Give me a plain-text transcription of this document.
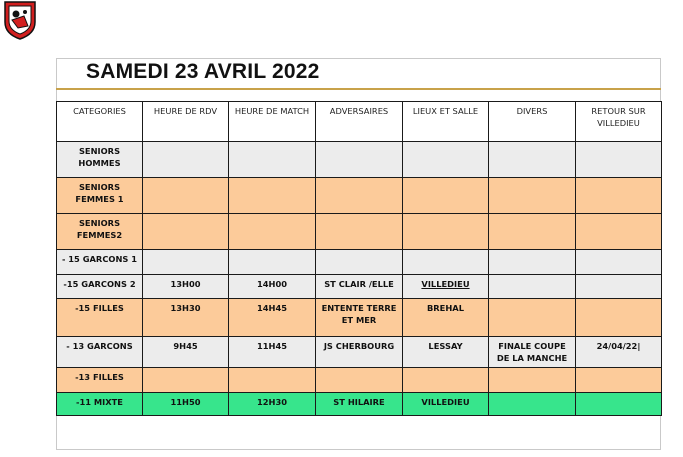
SAMEDI 23 AVRIL 2022
CATEGORIES	HEURE DE RDV	HEURE DE MATCH	ADVERSAIRES	LIEUX ET SALLE	DIVERS	RETOUR SUR VILLEDIEU
SENIORS HOMMES						
SENIORS FEMMES 1						
SENIORS FEMMES2						
- 15 GARCONS 1						
-15 GARCONS 2	13H00	14H00	ST CLAIR /ELLE	VILLEDIEU		
-15 FILLES	13H30	14H45	ENTENTE TERRE ET MER	BREHAL		
- 13 GARCONS	9H45	11H45	JS CHERBOURG	LESSAY	FINALE COUPE DE LA MANCHE	24/04/22|
-13 FILLES						
-11 MIXTE	11H50	12H30	ST HILAIRE	VILLEDIEU		
